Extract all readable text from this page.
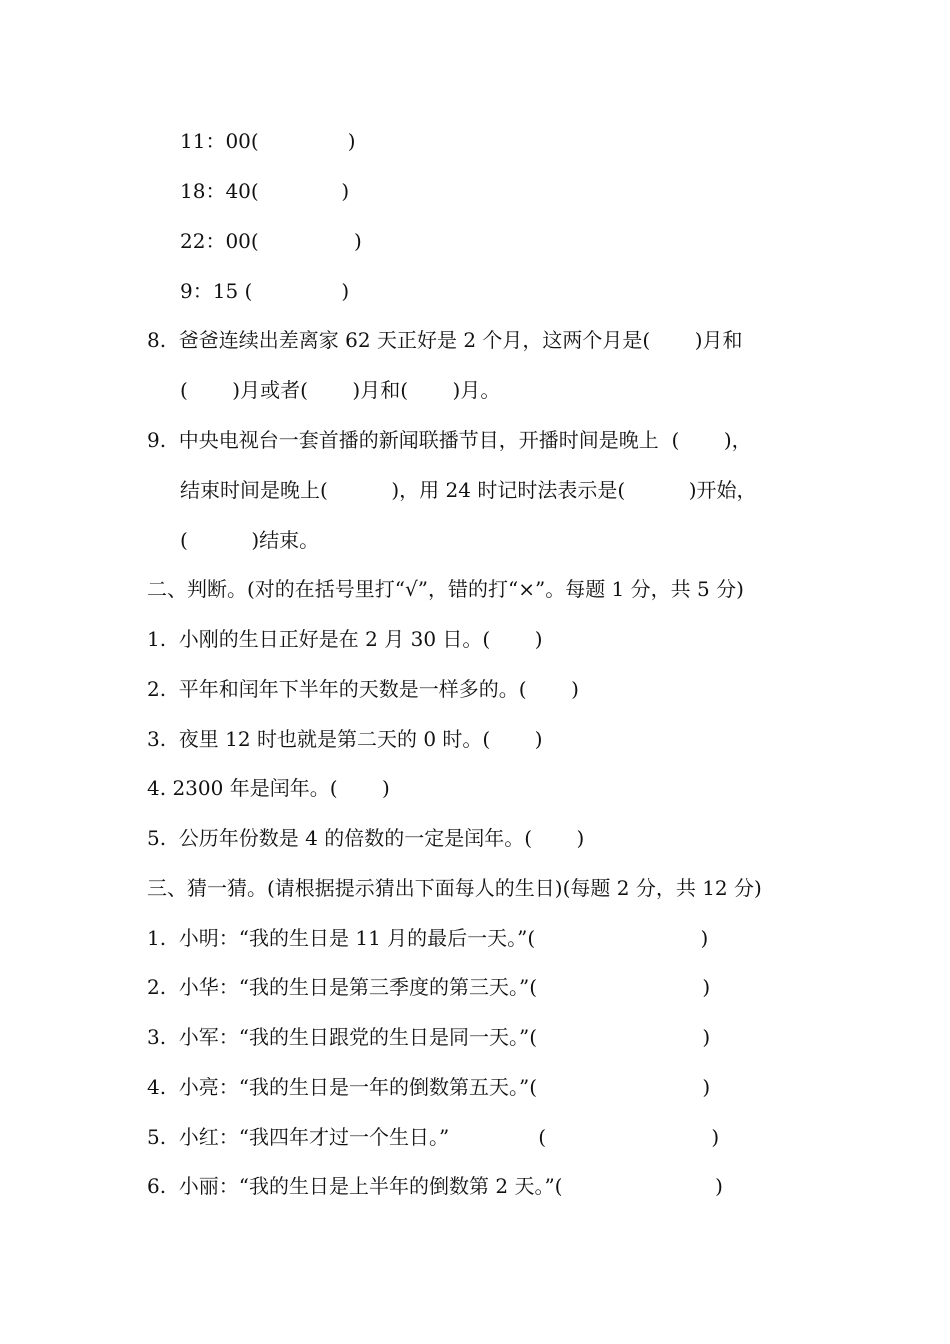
11：00(              )
18：40(             )
22：00(               )
9：15 (              )
8.  爸爸连续出差离家 62 天正好是 2 个月，这两个月是(       )月和
(       )月或者(       )月和(       )月。
9.  中央电视台一套首播的新闻联播节目，开播时间是晚上  (       )，
结束时间是晚上(          )，用 24 时记时法表示是(          )开始，
(          )结束。
二、判断。(对的在括号里打“√”，错的打“×”。每题 1 分，共 5 分)
1.  小刚的生日正好是在 2 月 30 日。(       )
2.  平年和闰年下半年的天数是一样多的。(       )
3.  夜里 12 时也就是第二天的 0 时。(       )
4. 2300 年是闰年。(       )
5.  公历年份数是 4 的倍数的一定是闰年。(       )
三、猜一猜。(请根据提示猜出下面每人的生日)(每题 2 分，共 12 分)
1.  小明：“我的生日是 11 月的最后一天。”(                          )
2.  小华：“我的生日是第三季度的第三天。”(                          )
3.  小军：“我的生日跟党的生日是同一天。”(                          )
4.  小亮：“我的生日是一年的倒数第五天。”(                          )
5.  小红：“我四年才过一个生日。”              (                          )
6.  小丽：“我的生日是上半年的倒数第 2 天。”(                        )
